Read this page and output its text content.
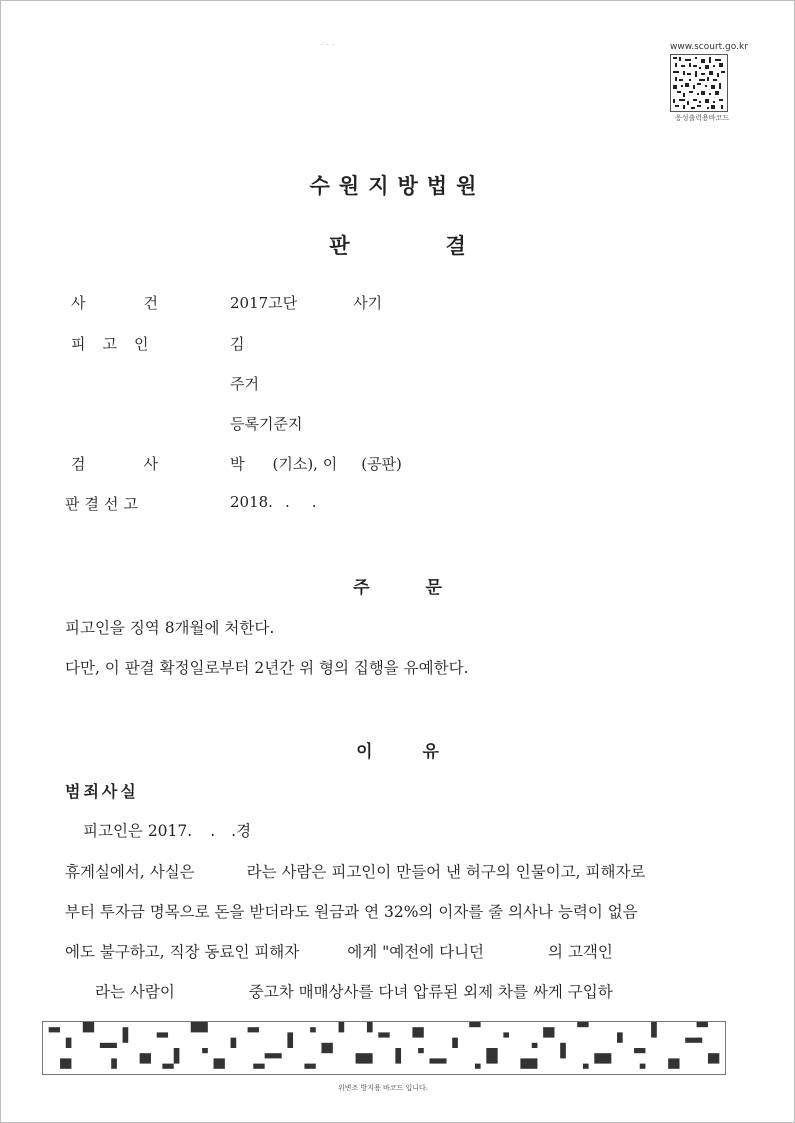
- - -	www.scourt.go.kr
응성출력용바코드
수원지방법원
판	결
사	건	2017고단	사기
피 고 인	김
주거
등록기준지
검	사	박 (기소), 이 (공판)
판 결 선 고	2018. . .
주	문
피고인을 징역 8개월에 처한다.
다만, 이 판결 확정일로부터 2년간 위 형의 집행을 유예한다.
이	유
범죄사실
피고인은 2017. . .경
휴게실에서, 사실은	라는 사람은 피고인이 만들어 낸 허구의 인물이고, 피해자로
부터 투자금 명목으로 돈을 받더라도 원금과 연 32%의 이자를 줄 의사나 능력이 없음
에도 불구하고, 직장 동료인 피해자	에게 "예전에 다니던	의 고객인
라는 사람이	중고차 매매상사를 다녀 압류된 외제 차를 싸게 구입하
위변조 방지용 바코드 입니다.
